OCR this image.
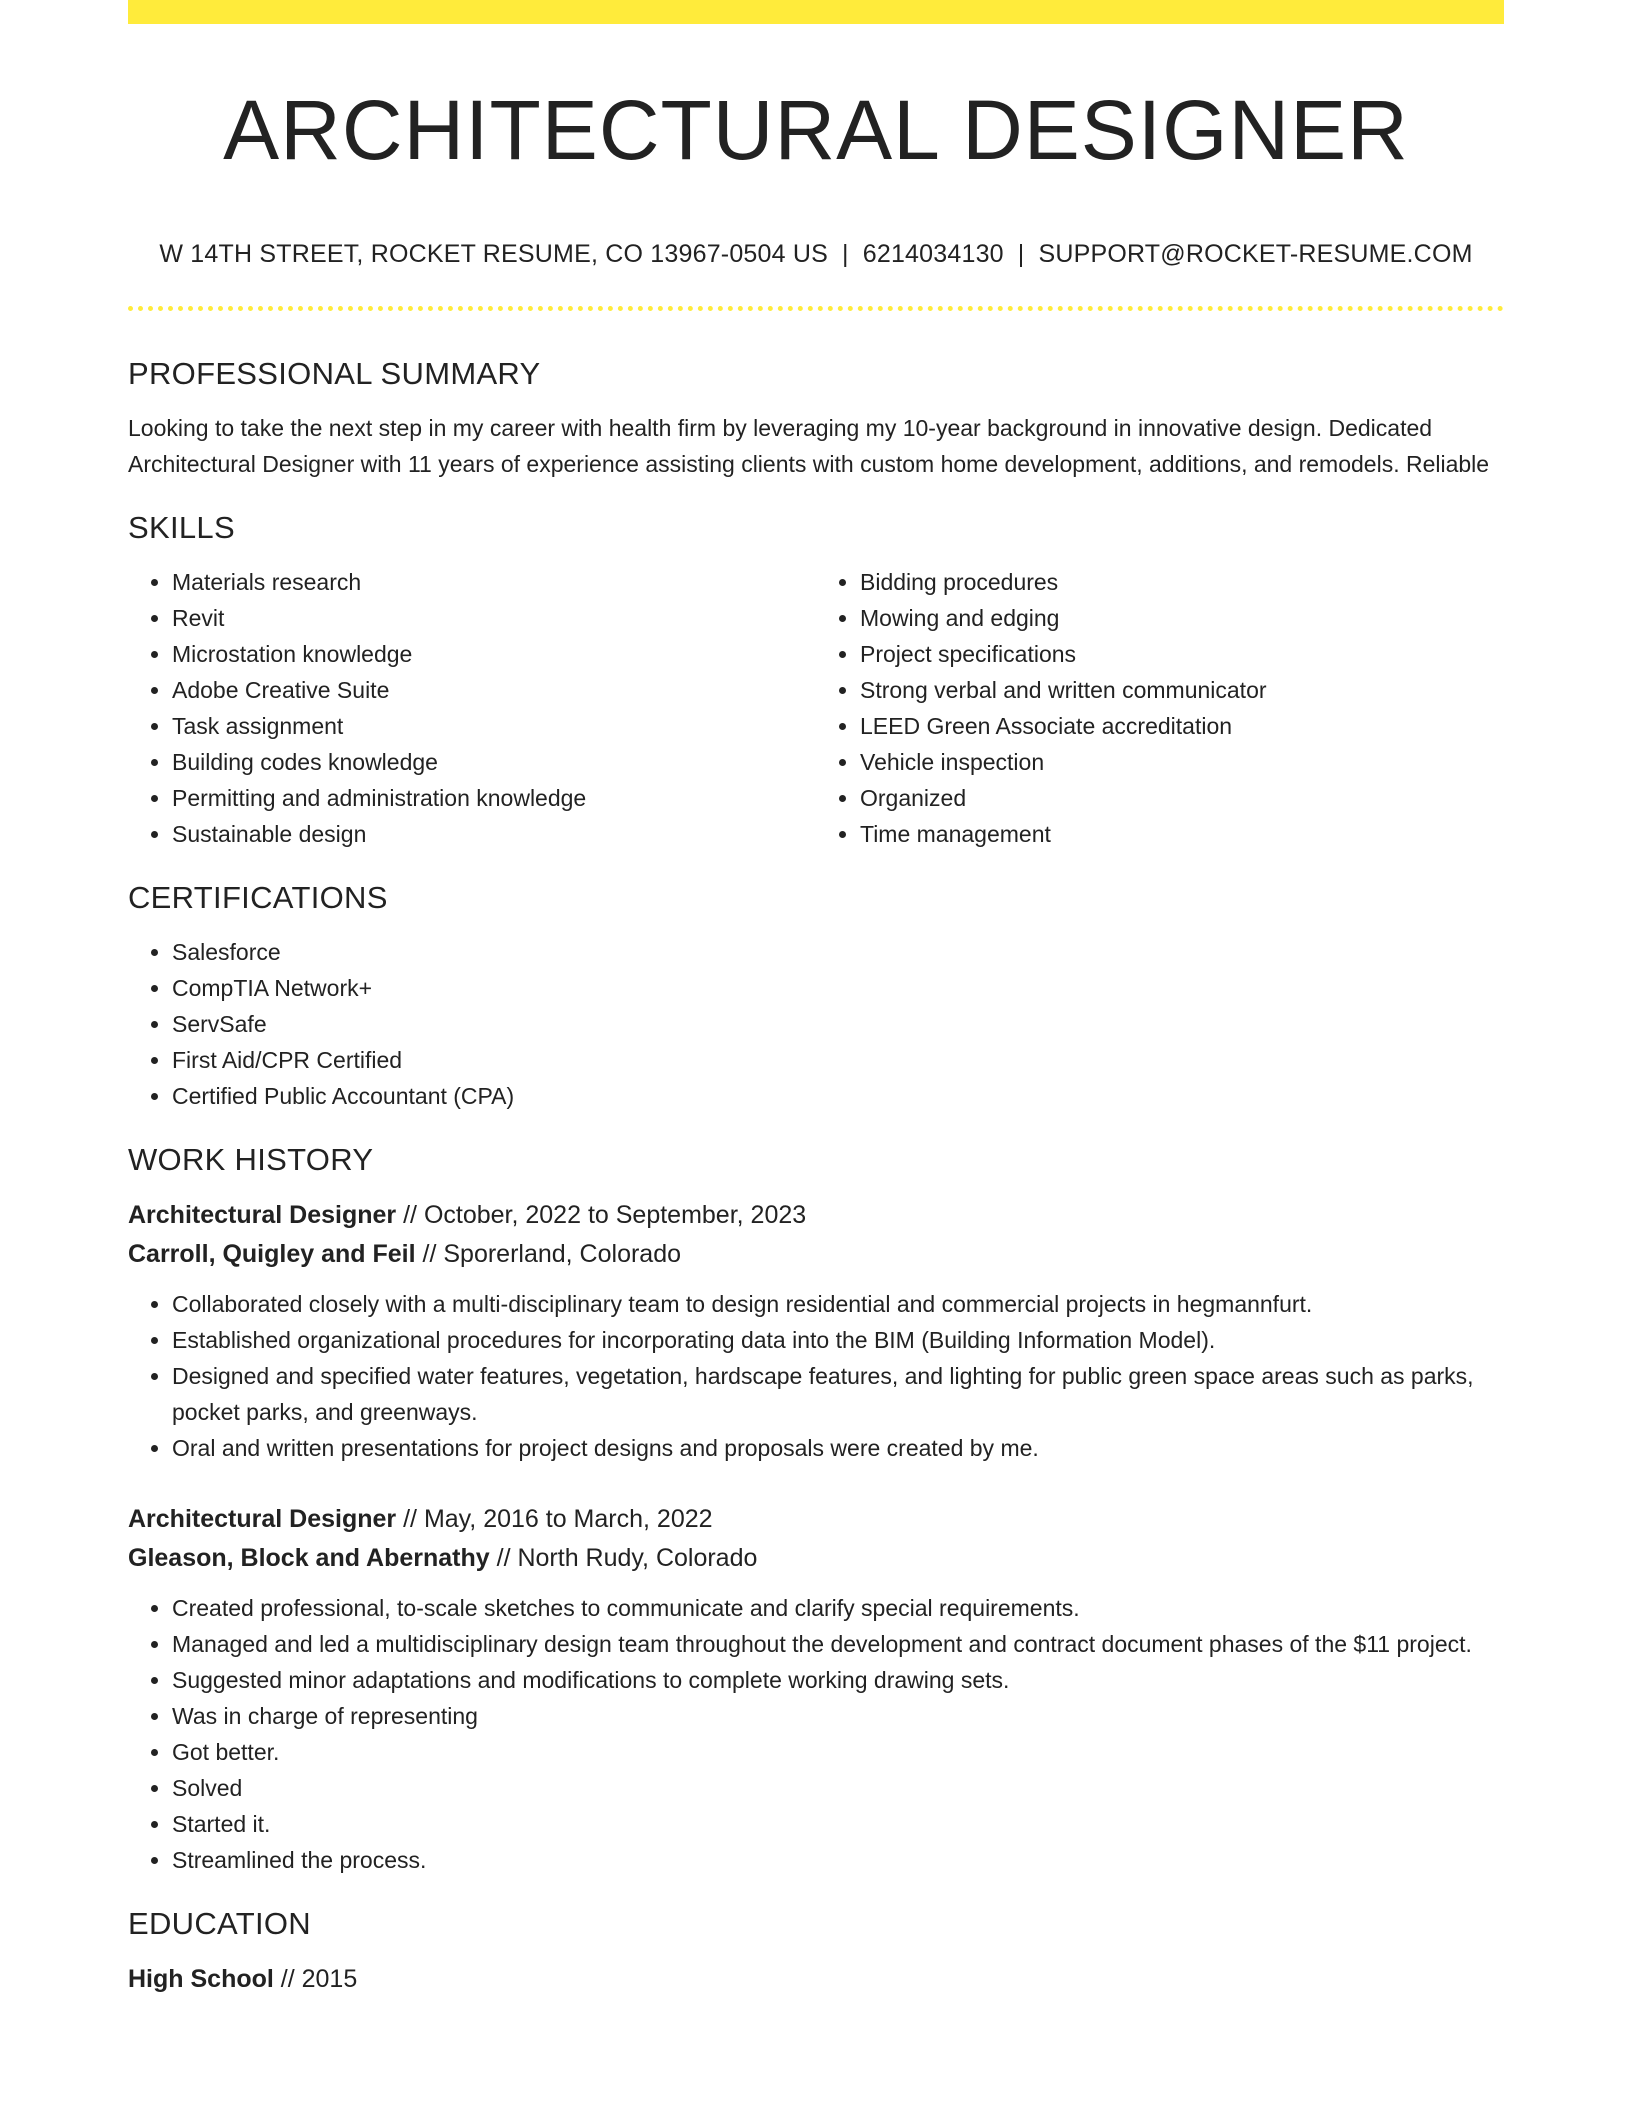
ARCHITECTURAL DESIGNER
W 14TH STREET, ROCKET RESUME, CO 13967-0504 US | 6214034130 | SUPPORT@ROCKET-RESUME.COM
PROFESSIONAL SUMMARY

Looking to take the next step in my career with health firm by leveraging my 10-year background in innovative design. Dedicated Architectural Designer with 11 years of experience assisting clients with custom home development, additions, and remodels. Reliable

SKILLS
• Materials research
• Revit
• Microstation knowledge
• Adobe Creative Suite
• Task assignment
• Building codes knowledge
• Permitting and administration knowledge
• Sustainable design
• Bidding procedures
• Mowing and edging
• Project specifications
• Strong verbal and written communicator
• LEED Green Associate accreditation
• Vehicle inspection
• Organized
• Time management
CERTIFICATIONS
• Salesforce
• CompTIA Network+
• ServSafe
• First Aid/CPR Certified
• Certified Public Accountant (CPA)
WORK HISTORY
Architectural Designer // October, 2022 to September, 2023
Carroll, Quigley and Feil // Sporerland, Colorado
• Collaborated closely with a multi-disciplinary team to design residential and commercial projects in hegmannfurt.
• Established organizational procedures for incorporating data into the BIM (Building Information Model).
• Designed and specified water features, vegetation, hardscape features, and lighting for public green space areas such as parks, pocket parks, and greenways.
• Oral and written presentations for project designs and proposals were created by me.
Architectural Designer // May, 2016 to March, 2022
Gleason, Block and Abernathy // North Rudy, Colorado
• Created professional, to-scale sketches to communicate and clarify special requirements.
• Managed and led a multidisciplinary design team throughout the development and contract document phases of the $11 project.
• Suggested minor adaptations and modifications to complete working drawing sets.
• Was in charge of representing
• Got better.
• Solved
• Started it.
• Streamlined the process.
EDUCATION
High School // 2015
